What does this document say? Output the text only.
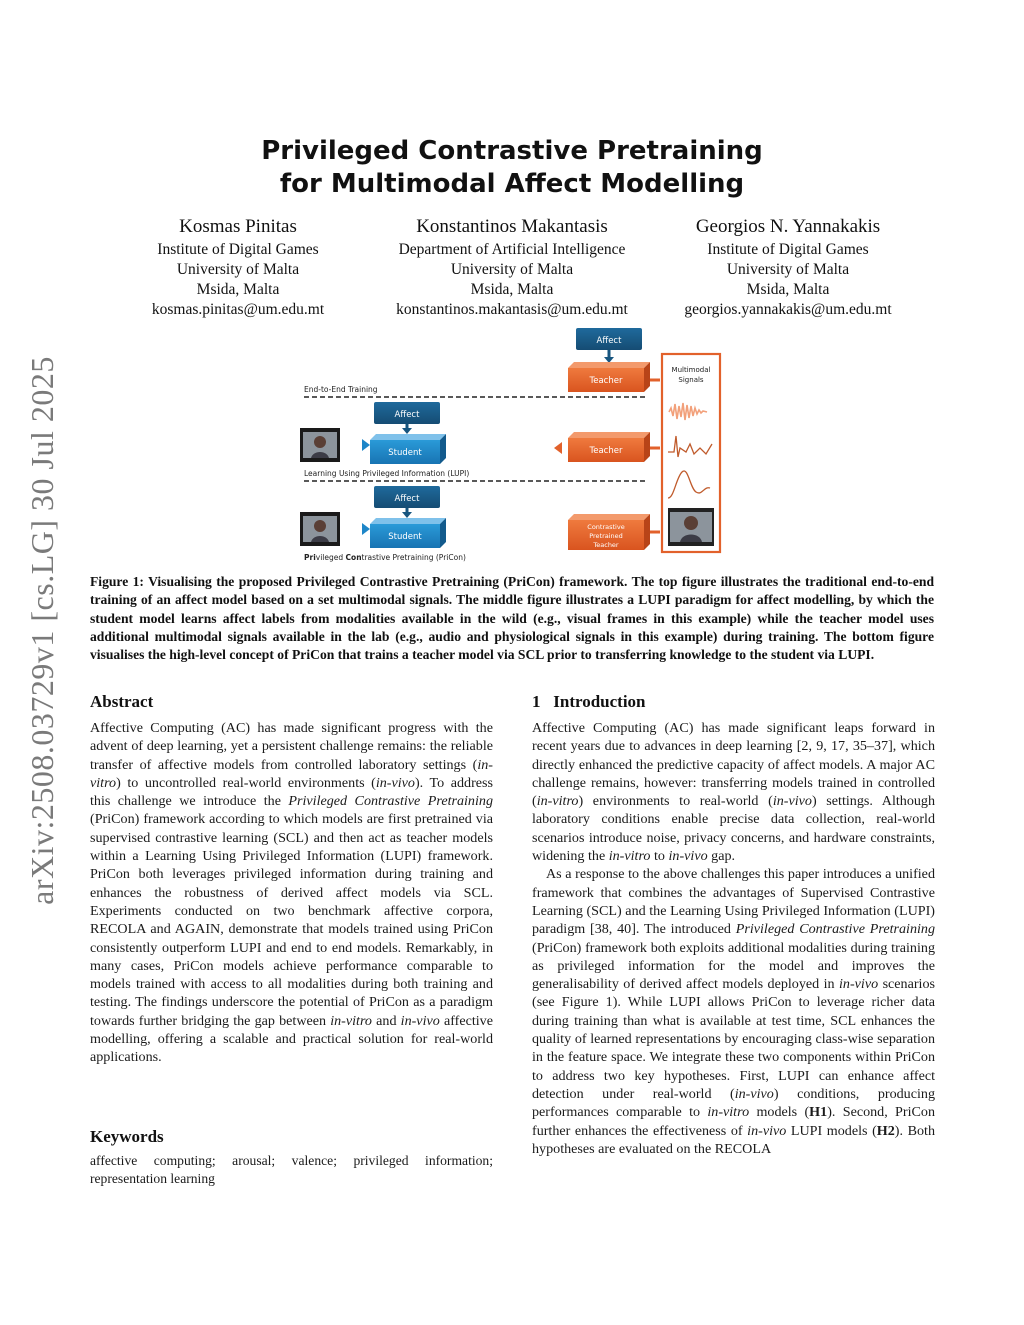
arXiv:2508.03729v1 [cs.LG] 30 Jul 2025
Privileged Contrastive Pretraining
for Multimodal Affect Modelling
Kosmas Pinitas
Institute of Digital Games
University of Malta
Msida, Malta
kosmas.pinitas@um.edu.mt
Konstantinos Makantasis
Department of Artificial Intelligence
University of Malta
Msida, Malta
konstantinos.makantasis@um.edu.mt
Georgios N. Yannakakis
Institute of Digital Games
University of Malta
Msida, Malta
georgios.yannakakis@um.edu.mt
Affect
Teacher
End-to-End Training
Multimodal
Signals
Affect
Student	Teacher
Learning Using Privileged Information (LUPI)
Affect
Student
Contrastive
Pretrained
Teacher
Privileged Contrastive Pretraining (PriCon)
Figure 1: Visualising the proposed Privileged Contrastive Pretraining (PriCon) framework. The top figure illustrates the traditional end-to-end training of an affect model based on a set multimodal signals. The middle figure illustrates a LUPI paradigm for affect modelling, by which the student model learns affect labels from modalities available in the wild (e.g., visual frames in this example) while the teacher model uses additional multimodal signals available in the lab (e.g., audio and physiological signals in this example) during training. The bottom figure visualises the high-level concept of PriCon that trains a teacher model via SCL prior to transferring knowledge to the student via LUPI.
Abstract

Affective Computing (AC) has made significant progress with the advent of deep learning, yet a persistent challenge remains: the reliable transfer of affective models from controlled laboratory settings (in-vitro) to uncontrolled real-world environments (in-vivo). To address this challenge we introduce the Privileged Contrastive Pretraining (PriCon) framework according to which models are first pretrained via supervised contrastive learning (SCL) and then act as teacher models within a Learning Using Privileged Information (LUPI) framework. PriCon both leverages privileged information during training and enhances the robustness of derived affect models via SCL. Experiments conducted on two benchmark affective corpora, RECOLA and AGAIN, demonstrate that models trained using PriCon consistently outperform LUPI and end to end models. Remarkably, in many cases, PriCon models achieve performance comparable to models trained with access to all modalities during both training and testing. The findings underscore the potential of PriCon as a paradigm towards further bridging the gap between in-vitro and in-vivo affective modelling, offering a scalable and practical solution for real-world applications.

Keywords

affective computing; arousal; valence; privileged information; representation learning

1   Introduction

Affective Computing (AC) has made significant leaps forward in recent years due to advances in deep learning [2, 9, 17, 35–37], which directly enhanced the predictive capacity of affect models. A major AC challenge remains, however: transferring models trained in controlled (in-vitro) environments to real-world (in-vivo) settings. Although laboratory conditions enable precise data collection, real-world scenarios introduce noise, privacy concerns, and hardware constraints, widening the in-vitro to in-vivo gap.

As a response to the above challenges this paper introduces a unified framework that combines the advantages of Supervised Contrastive Learning (SCL) and the Learning Using Privileged Information (LUPI) paradigm [38, 40]. The introduced Privileged Contrastive Pretraining (PriCon) framework both exploits additional modalities during training as privileged information for the model and improves the generalisability of derived affect models deployed in in-vivo scenarios (see Figure 1). While LUPI allows PriCon to leverage richer data during training than what is available at test time, SCL enhances the quality of learned representations by encouraging class-wise separation in the feature space. We integrate these two components within PriCon to address two key hypotheses. First, LUPI can enhance affect detection under real-world (in-vivo) conditions, producing performances comparable to in-vitro models (H1). Second, PriCon further enhances the effectiveness of in-vivo LUPI models (H2). Both hypotheses are evaluated on the RECOLA
